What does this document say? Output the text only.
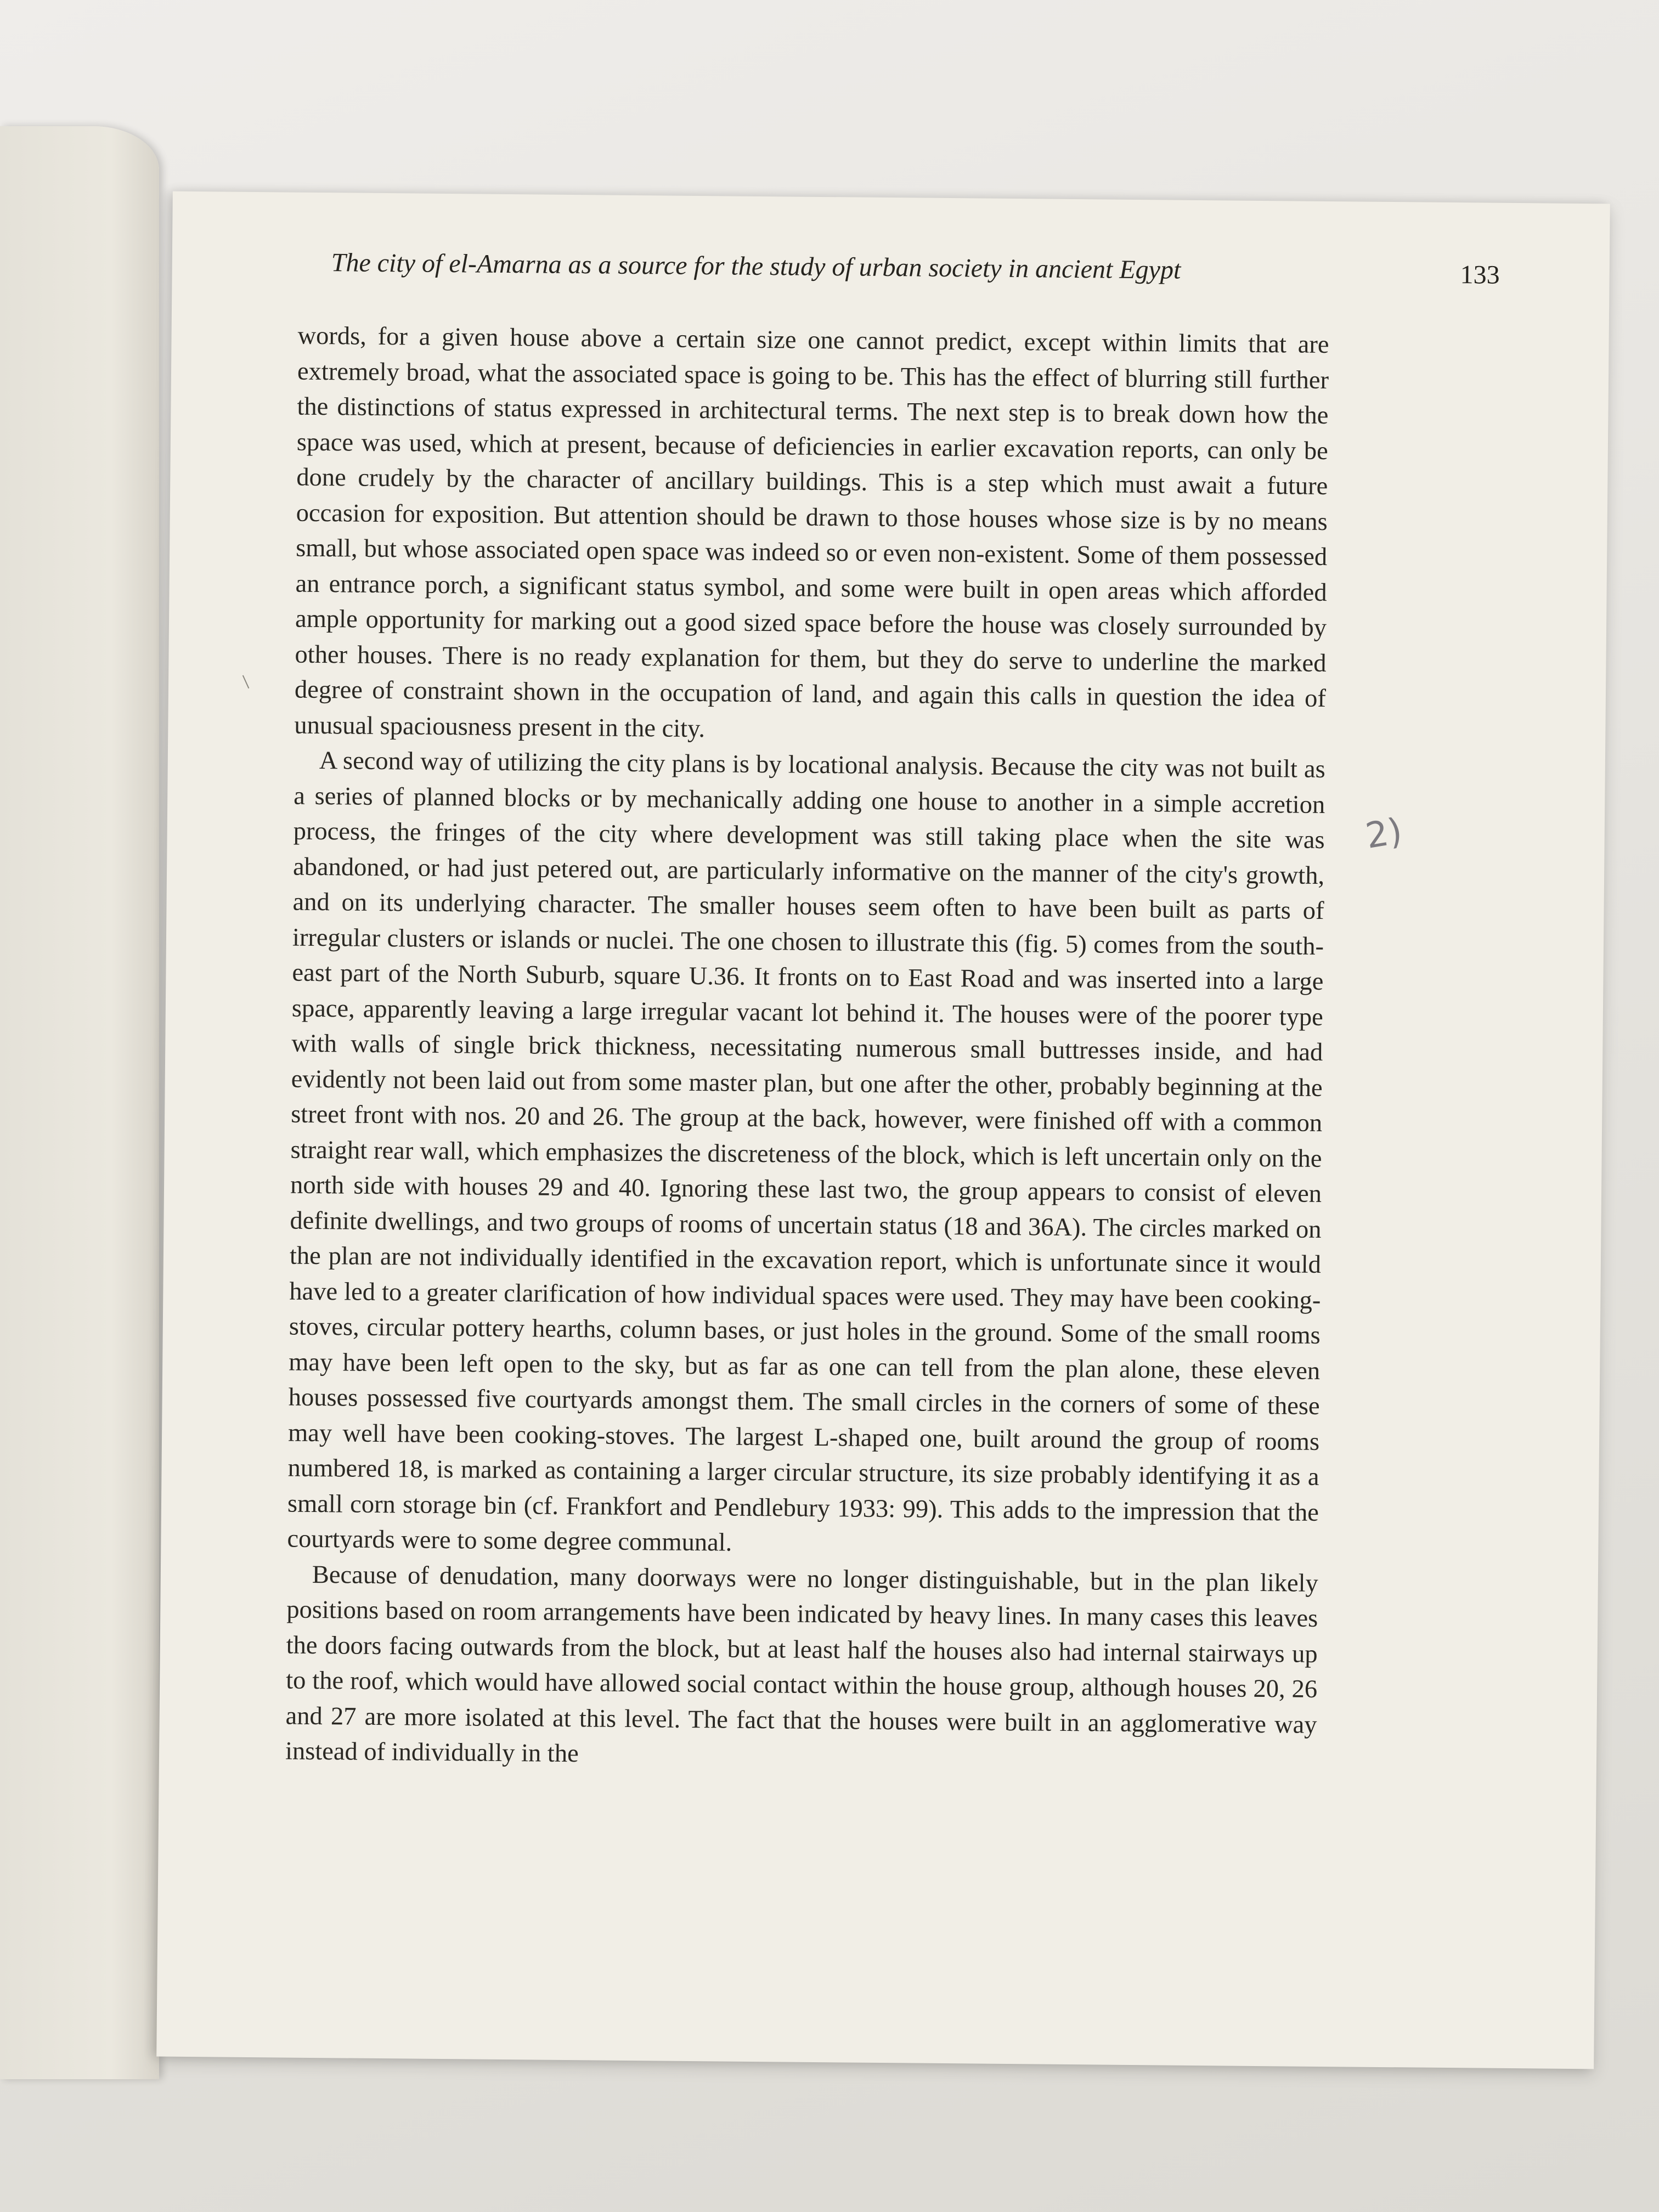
The city of el-Amarna as a source for the study of urban society in ancient Egypt	133

words, for a given house above a certain size one cannot predict, except within limits that are extremely broad, what the associated space is going to be. This has the effect of blurring still further the distinctions of status expressed in architectural terms. The next step is to break down how the space was used, which at present, because of deficiencies in earlier excavation reports, can only be done crudely by the character of ancillary buildings. This is a step which must await a future occasion for exposition. But attention should be drawn to those houses whose size is by no means small, but whose associated open space was indeed so or even non-existent. Some of them possessed an entrance porch, a significant status symbol, and some were built in open areas which afforded ample opportunity for marking out a good sized space before the house was closely surrounded by other houses. There is no ready explanation for them, but they do serve to underline the marked degree of constraint shown in the occupation of land, and again this calls in question the idea of unusual spaciousness present in the city.

A second way of utilizing the city plans is by locational analysis. Because the city was not built as a series of planned blocks or by mechanically adding one house to another in a simple accretion process, the fringes of the city where development was still taking place when the site was abandoned, or had just petered out, are particularly informative on the manner of the city's growth, and on its underlying character. The smaller houses seem often to have been built as parts of irregular clusters or islands or nuclei. The one chosen to illustrate this (fig. 5) comes from the south-east part of the North Suburb, square U.36. It fronts on to East Road and was inserted into a large space, apparently leaving a large irregular vacant lot behind it. The houses were of the poorer type with walls of single brick thickness, necessitating numerous small buttresses inside, and had evidently not been laid out from some master plan, but one after the other, probably beginning at the street front with nos. 20 and 26. The group at the back, however, were finished off with a common straight rear wall, which emphasizes the discreteness of the block, which is left uncertain only on the north side with houses 29 and 40. Ignoring these last two, the group appears to consist of eleven definite dwellings, and two groups of rooms of uncertain status (18 and 36A). The circles marked on the plan are not individually identified in the excavation report, which is unfortunate since it would have led to a greater clarification of how individual spaces were used. They may have been cooking-stoves, circular pottery hearths, column bases, or just holes in the ground. Some of the small rooms may have been left open to the sky, but as far as one can tell from the plan alone, these eleven houses possessed five courtyards amongst them. The small circles in the corners of some of these may well have been cooking-stoves. The largest L-shaped one, built around the group of rooms numbered 18, is marked as containing a larger circular structure, its size probably identifying it as a small corn storage bin (cf. Frankfort and Pendlebury 1933: 99). This adds to the impression that the courtyards were to some degree communal.

Because of denudation, many doorways were no longer distinguishable, but in the plan likely positions based on room arrangements have been indicated by heavy lines. In many cases this leaves the doors facing outwards from the block, but at least half the houses also had internal stairways up to the roof, which would have allowed social contact within the house group, although houses 20, 26 and 27 are more isolated at this level. The fact that the houses were built in an agglomerative way instead of individually in the

2)
